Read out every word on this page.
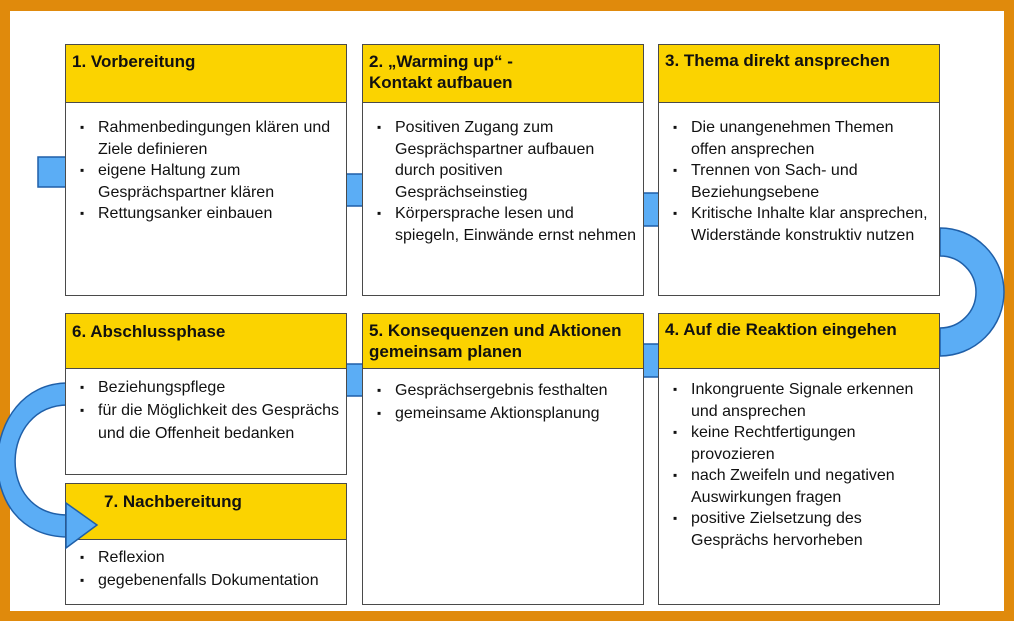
1. Vorbereitung
▪ Rahmenbedingungen klären und Ziele definieren
▪ eigene Haltung zum Gesprächspartner klären
▪ Rettungsanker einbauen
2. „Warming up“ -
Kontakt aufbauen
▪ Positiven Zugang zum Gesprächspartner aufbauen durch positiven Gesprächseinstieg
▪ Körpersprache lesen und spiegeln, Einwände ernst nehmen
3. Thema direkt ansprechen
▪ Die unangenehmen Themen offen ansprechen
▪ Trennen von Sach- und Beziehungsebene
▪ Kritische Inhalte klar ansprechen, Widerstände konstruktiv nutzen
6. Abschlussphase
▪ Beziehungspflege
▪ für die Möglichkeit des Gesprächs und die Offenheit bedanken
5. Konsequenzen und Aktionen
gemeinsam planen
▪ Gesprächsergebnis festhalten
▪ gemeinsame Aktionsplanung
4. Auf die Reaktion eingehen
▪ Inkongruente Signale erkennen und ansprechen
▪ keine Rechtfertigungen provozieren
▪ nach Zweifeln und negativen Auswirkungen fragen
▪ positive Zielsetzung des Gesprächs hervorheben
7. Nachbereitung
▪ Reflexion
▪ gegebenenfalls Dokumentation
